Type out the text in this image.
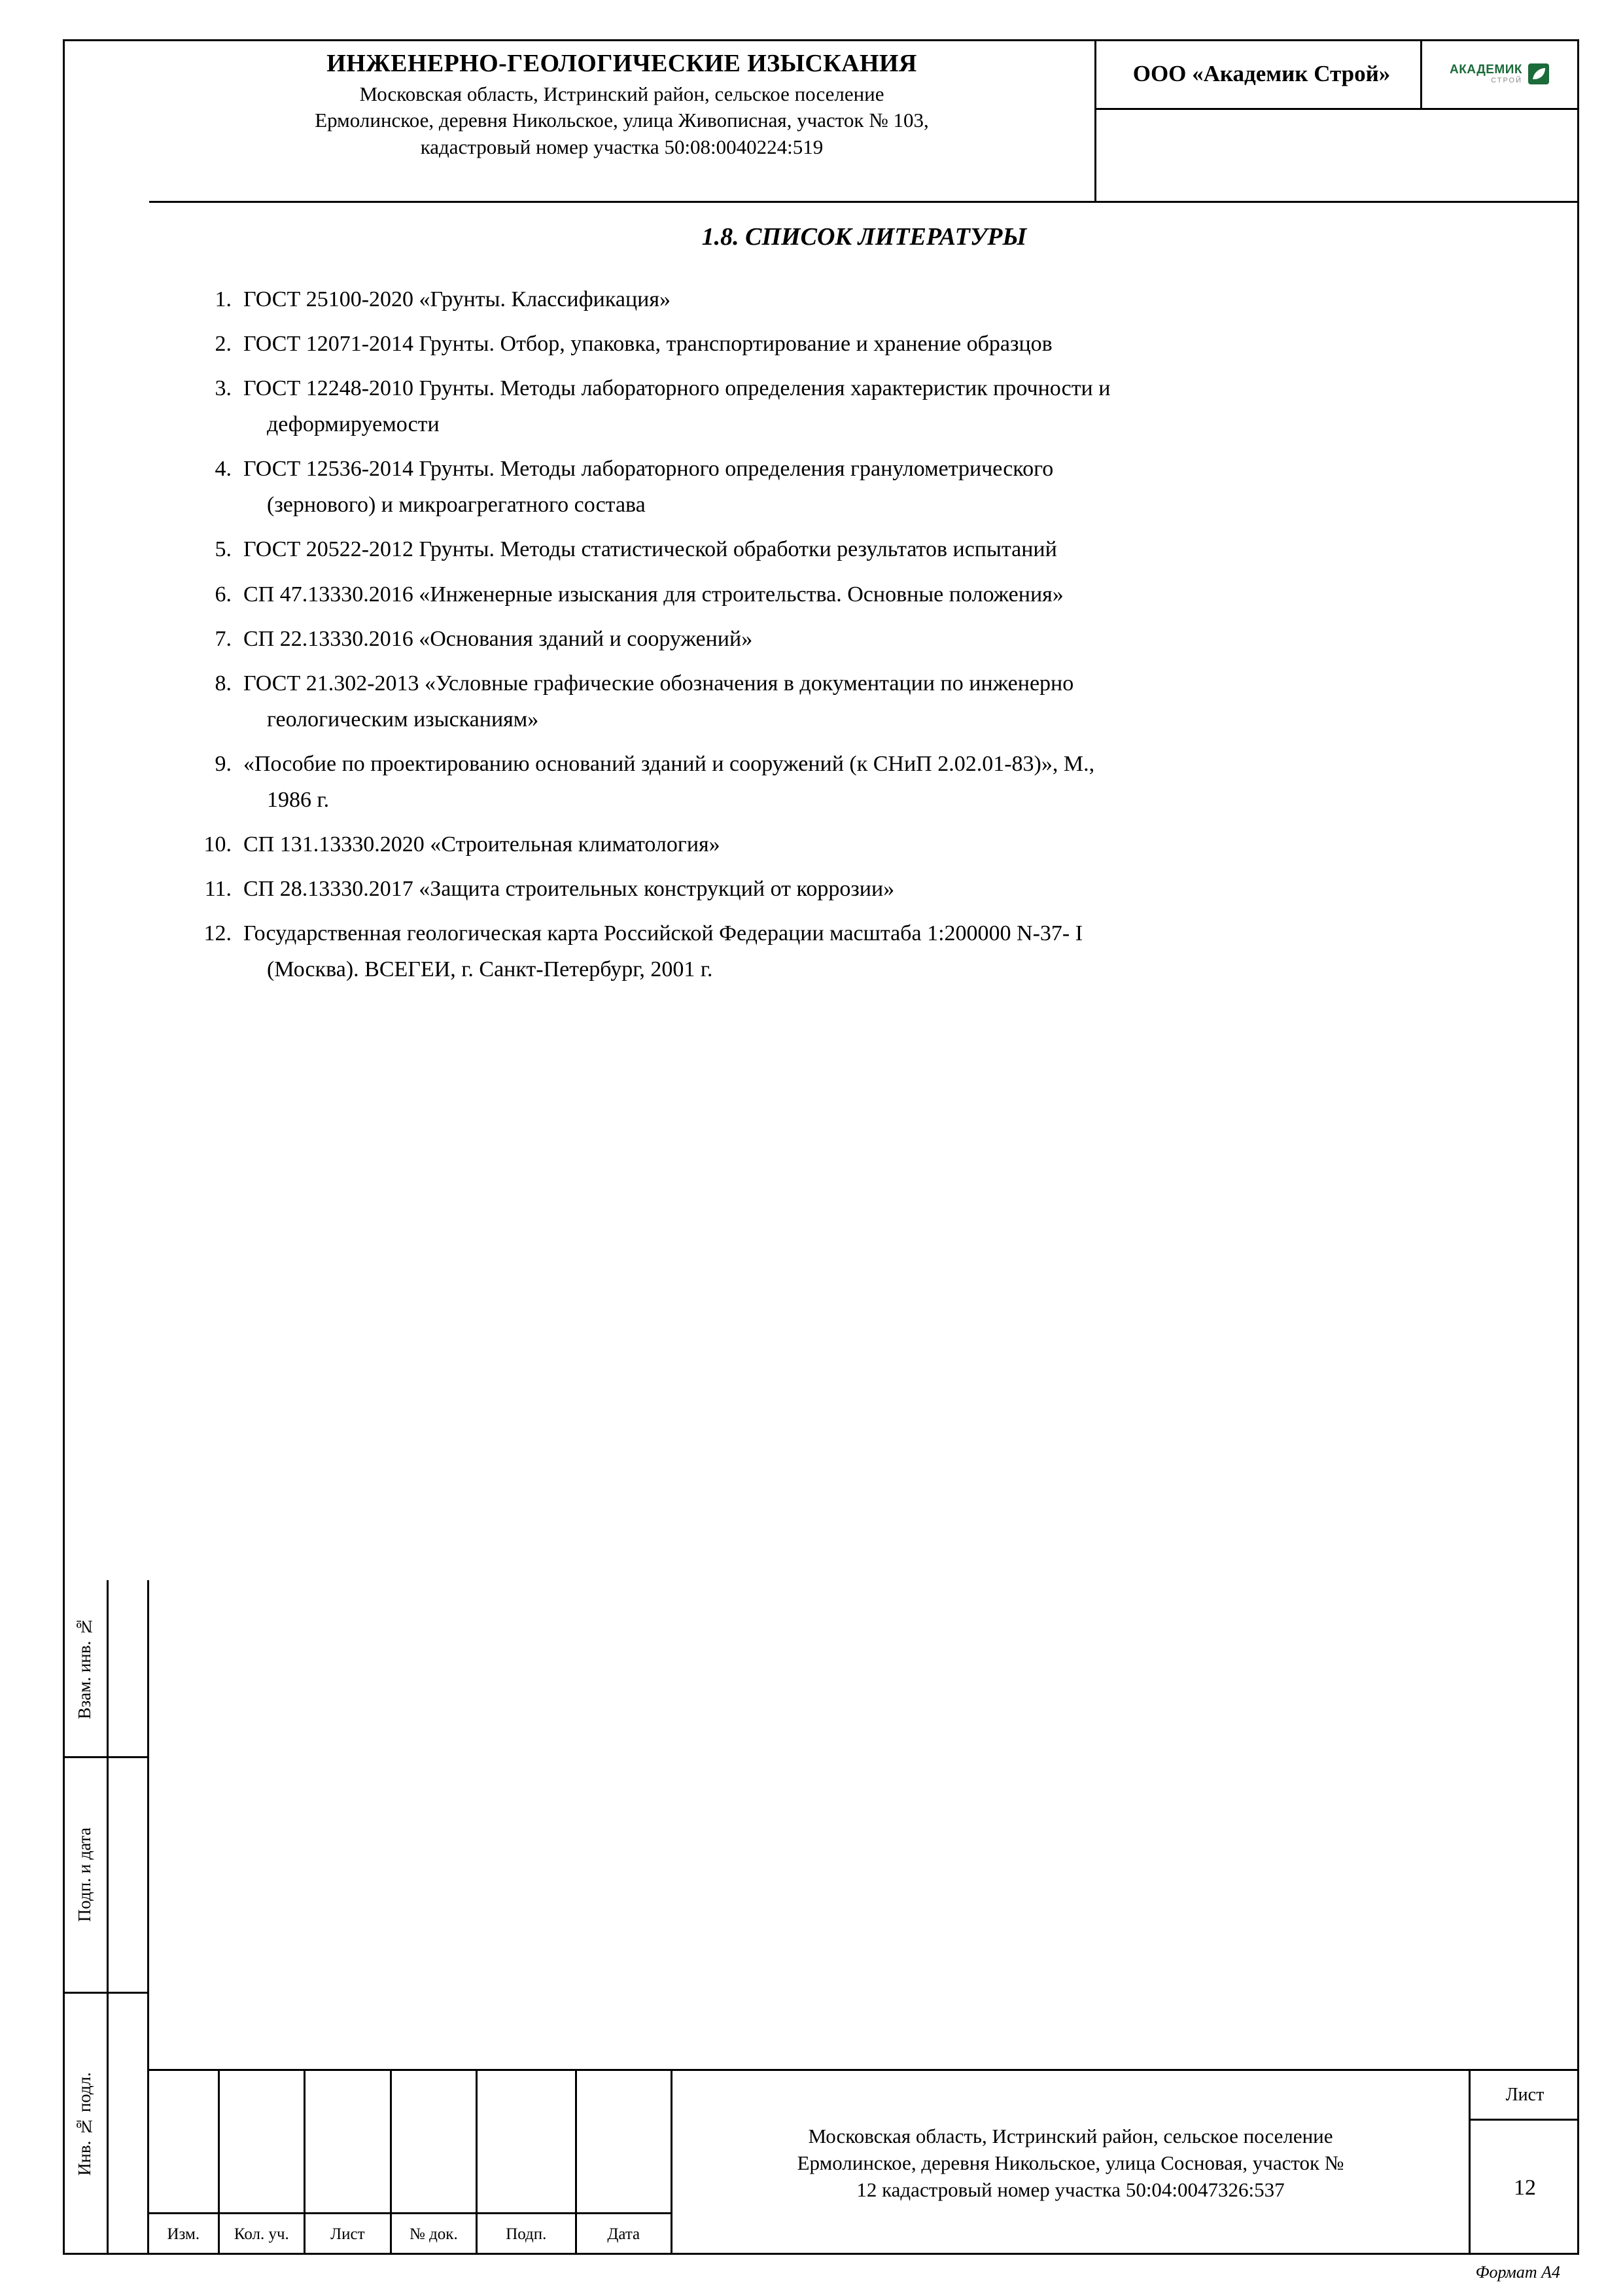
ИНЖЕНЕРНО-ГЕОЛОГИЧЕСКИЕ ИЗЫСКАНИЯ
Московская область, Истринский район, сельское поселение
Ермолинское, деревня Никольское, улица Живописная, участок № 103,
кадастровый номер участка 50:08:0040224:519
ООО «Академик Строй»	АКАДЕМИК
СТРОЙ
1.8. СПИСОК ЛИТЕРАТУРЫ
1. ГОСТ 25100-2020 «Грунты. Классификация»
2. ГОСТ 12071-2014 Грунты. Отбор, упаковка, транспортирование и хранение образцов
3. ГОСТ 12248-2010 Грунты. Методы лабораторного определения характеристик прочности и
деформируемости
4. ГОСТ 12536-2014 Грунты. Методы лабораторного определения гранулометрического
(зернового) и микроагрегатного состава
5. ГОСТ 20522-2012 Грунты. Методы статистической обработки результатов испытаний
6. СП 47.13330.2016 «Инженерные изыскания для строительства. Основные положения»
7. СП 22.13330.2016 «Основания зданий и сооружений»
8. ГОСТ 21.302-2013 «Условные графические обозначения в документации по инженерно
геологическим изысканиям»
9. «Пособие по проектированию оснований зданий и сооружений (к СНиП 2.02.01-83)», М.,
1986 г.
10. СП 131.13330.2020 «Строительная климатология»
11. СП 28.13330.2017 «Защита строительных конструкций от коррозии»
12. Государственная геологическая карта Российской Федерации масштаба 1:200000 N-37- I
(Москва). ВСЕГЕИ, г. Санкт-Петербург, 2001 г.
Взам. инв. №
Подп. и дата
Инв. № подл.
Изм.	Кол. уч.	Лист	№ док.	Подп.	Дата
Московская область, Истринский район, сельское поселение
Ермолинское, деревня Никольское, улица Сосновая, участок №
12 кадастровый номер участка 50:04:0047326:537
Лист
12
Формат А4
